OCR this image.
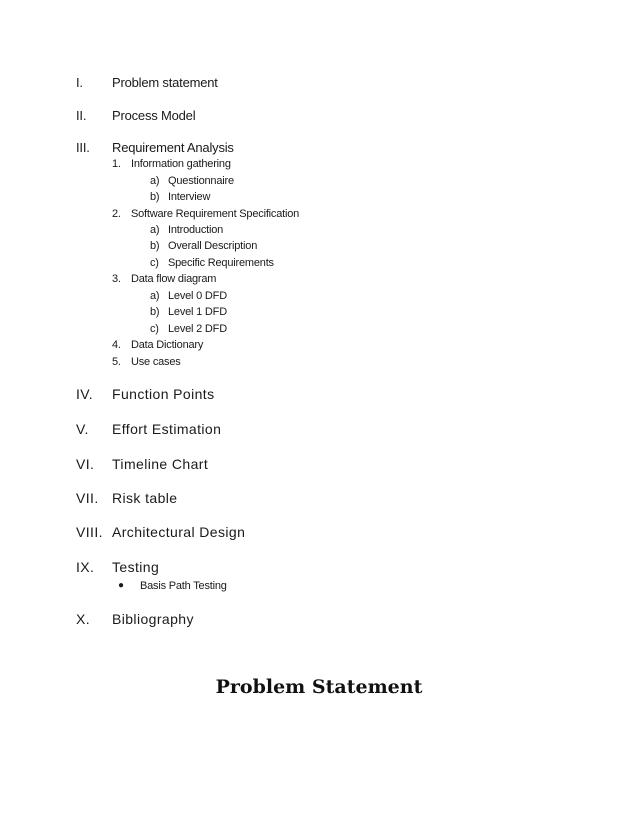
I. Problem statement
II. Process Model
III. Requirement Analysis
1. Information gathering
a) Questionnaire
b) Interview
2. Software Requirement Specification
a) Introduction
b) Overall Description
c) Specific Requirements
3. Data flow diagram
a) Level 0 DFD
b) Level 1 DFD
c) Level 2 DFD
4. Data Dictionary
5. Use cases
IV. Function Points
V. Effort Estimation
VI. Timeline Chart
VII. Risk table
VIII. Architectural Design
IX. Testing
● Basis Path Testing
X. Bibliography
Problem Statement
